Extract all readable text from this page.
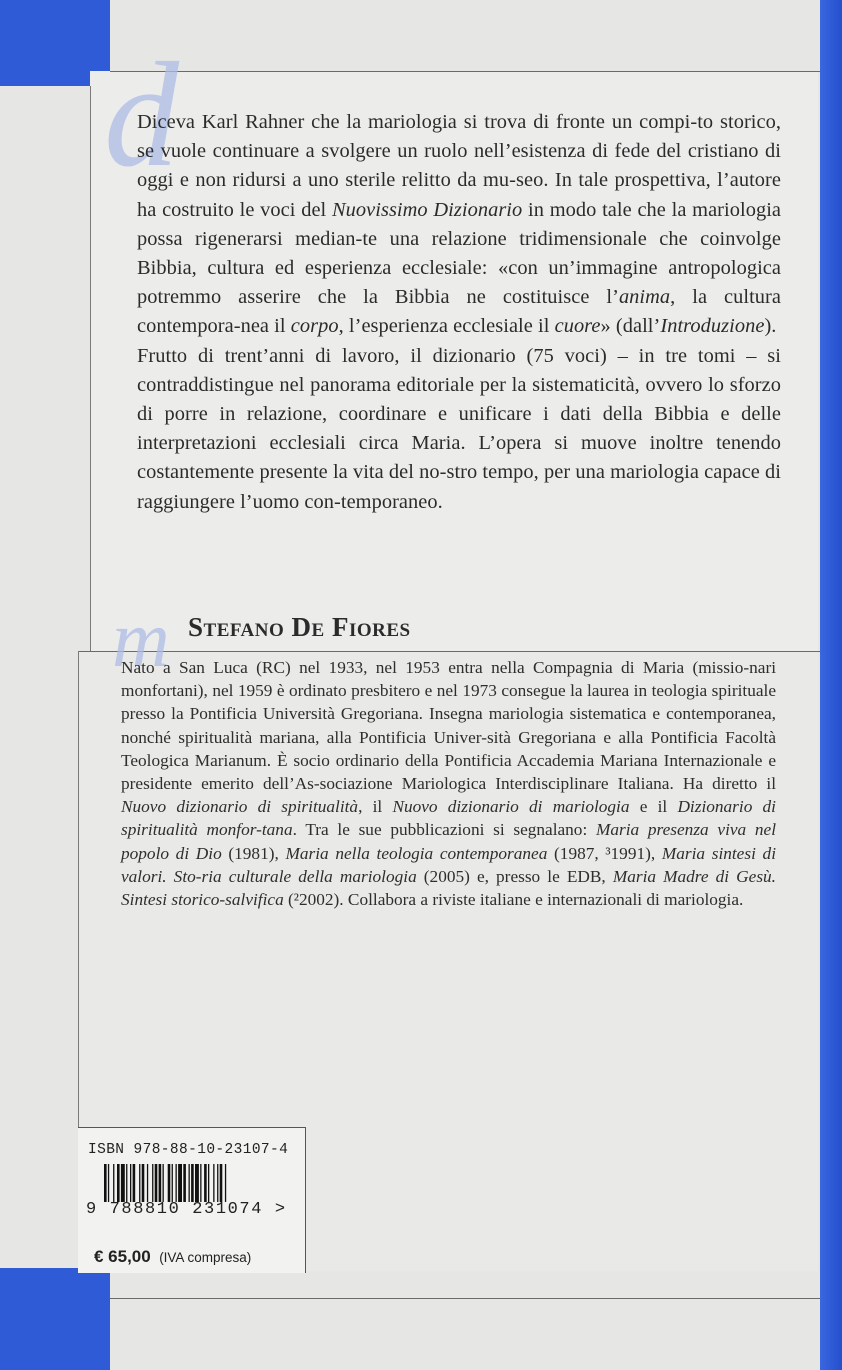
d
m

Diceva Karl Rahner che la mariologia si trova di fronte un compi-to storico, se vuole continuare a svolgere un ruolo nell’esistenza di fede del cristiano di oggi e non ridursi a uno sterile relitto da mu-seo. In tale prospettiva, l’autore ha costruito le voci del Nuovissimo Dizionario in modo tale che la mariologia possa rigenerarsi median-te una relazione tridimensionale che coinvolge Bibbia, cultura ed esperienza ecclesiale: «con un’immagine antropologica potremmo asserire che la Bibbia ne costituisce l’anima, la cultura contempora-nea il corpo, l’esperienza ecclesiale il cuore» (dall’Introduzione).
Frutto di trent’anni di lavoro, il dizionario (75 voci) – in tre tomi – si contraddistingue nel panorama editoriale per la sistematicità, ovvero lo sforzo di porre in relazione, coordinare e unificare i dati della Bibbia e delle interpretazioni ecclesiali circa Maria. L’opera si muove inoltre tenendo costantemente presente la vita del no-stro tempo, per una mariologia capace di raggiungere l’uomo con-temporaneo.

Stefano De Fiores

Nato a San Luca (RC) nel 1933, nel 1953 entra nella Compagnia di Maria (missio-nari monfortani), nel 1959 è ordinato presbitero e nel 1973 consegue la laurea in teologia spirituale presso la Pontificia Università Gregoriana. Insegna mariologia sistematica e contemporanea, nonché spiritualità mariana, alla Pontificia Univer-sità Gregoriana e alla Pontificia Facoltà Teologica Marianum. È socio ordinario della Pontificia Accademia Mariana Internazionale e presidente emerito dell’As-sociazione Mariologica Interdisciplinare Italiana. Ha diretto il Nuovo dizionario di spiritualità, il Nuovo dizionario di mariologia e il Dizionario di spiritualità monfor-tana. Tra le sue pubblicazioni si segnalano: Maria presenza viva nel popolo di Dio (1981), Maria nella teologia contemporanea (1987, ³1991), Maria sintesi di valori. Sto-ria culturale della mariologia (2005) e, presso le EDB, Maria Madre di Gesù. Sintesi storico-salvifica (²2002). Collabora a riviste italiane e internazionali di mariologia.

ISBN 978-88-10-23107-4
9 788810 231074 >
€ 65,00 (IVA compresa)
